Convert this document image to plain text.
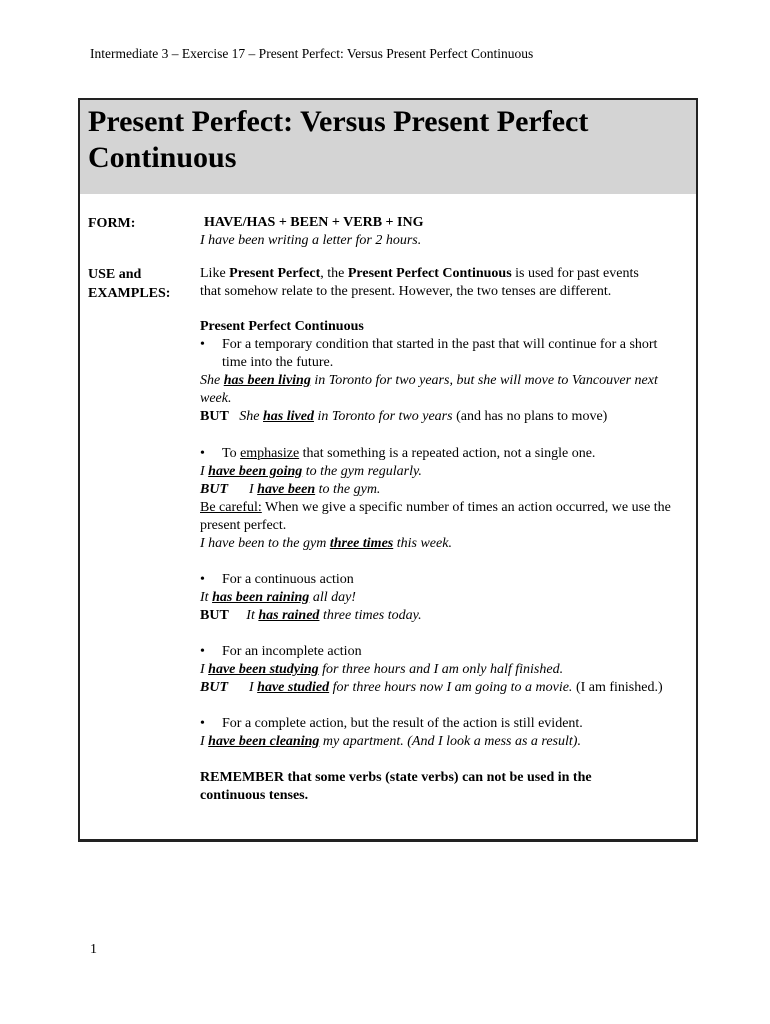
Intermediate 3 – Exercise 17 – Present Perfect: Versus Present Perfect Continuous
Present Perfect: Versus Present Perfect
Continuous
FORM:	HAVE/HAS + BEEN + VERB + ING
I have been writing a letter for 2 hours.
USE and
EXAMPLES:
Like Present Perfect, the Present Perfect Continuous is used for past events
that somehow relate to the present. However, the two tenses are different.
Present Perfect Continuous
•	For a temporary condition that started in the past that will continue for a short time into the future.
She has been living in Toronto for two years, but she will move to Vancouver next week.
BUT She has lived in Toronto for two years (and has no plans to move)
• To emphasize that something is a repeated action, not a single one.
I have been going to the gym regularly.
BUT I have been to the gym.
Be careful: When we give a specific number of times an action occurred, we use the present perfect.
I have been to the gym three times this week.
• For a continuous action
It has been raining all day!
BUT It has rained three times today.
• For an incomplete action
I have been studying for three hours and I am only half finished.
BUT I have studied for three hours now I am going to a movie. (I am finished.)
• For a complete action, but the result of the action is still evident.
I have been cleaning my apartment. (And I look a mess as a result).
REMEMBER that some verbs (state verbs) can not be used in the continuous tenses.
1
